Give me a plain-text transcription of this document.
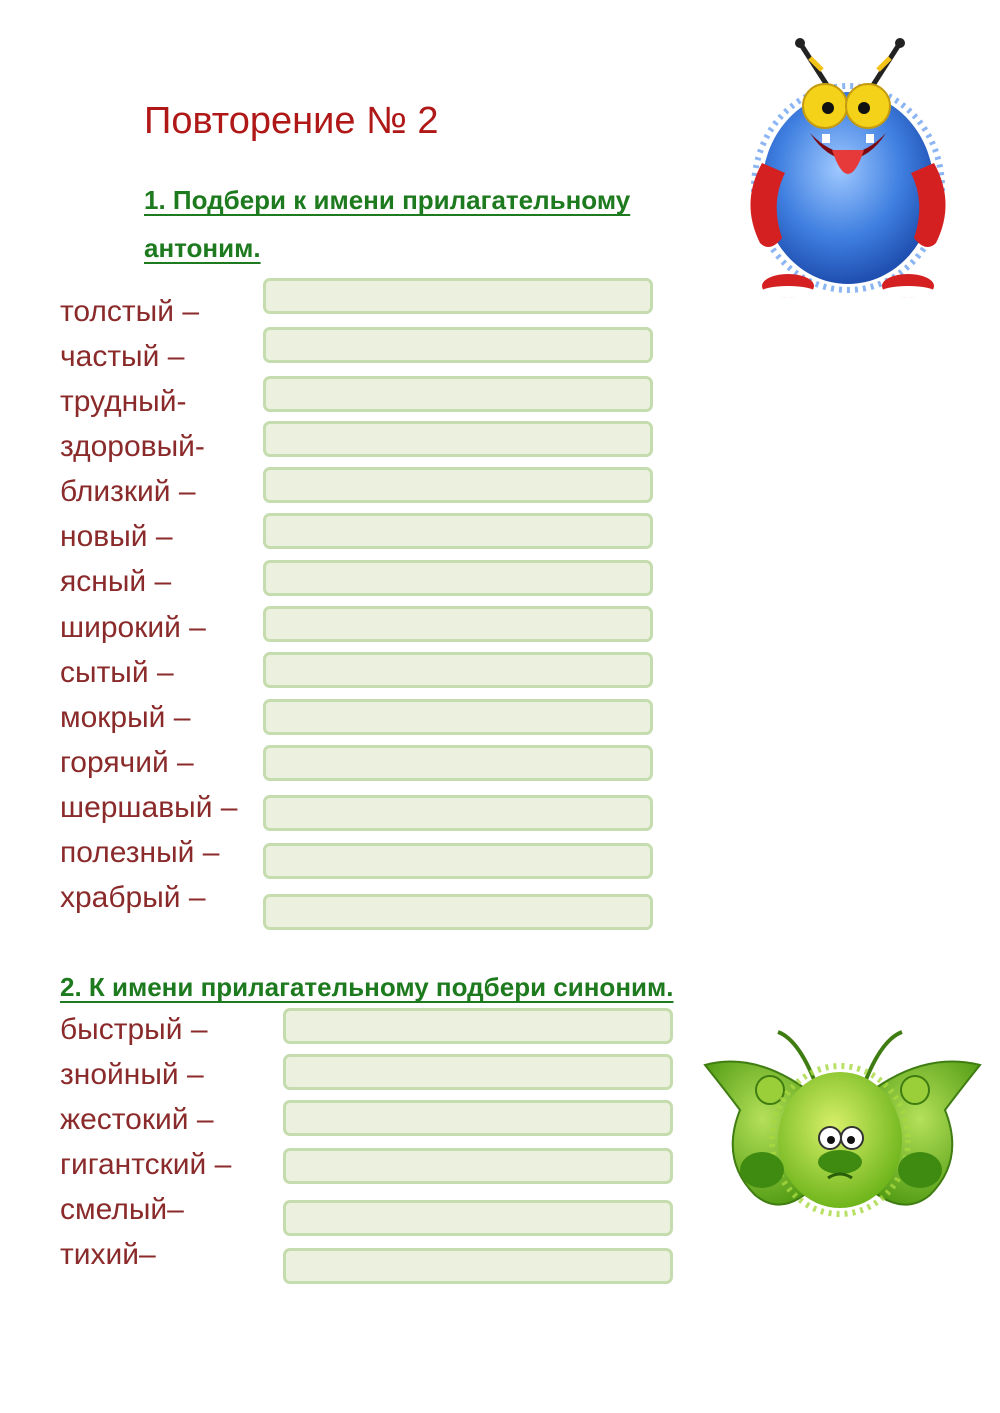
Повторение № 2
1. Подбери к имени прилагательному антоним.
толстый –
частый –
трудный-
здоровый-
близкий –
новый –
ясный –
широкий –
сытый –
мокрый –
горячий –
шершавый –
полезный –
храбрый –
2. К имени прилагательному подбери синоним.
быстрый –
знойный –
жестокий –
гигантский –
смелый–
тихий–
